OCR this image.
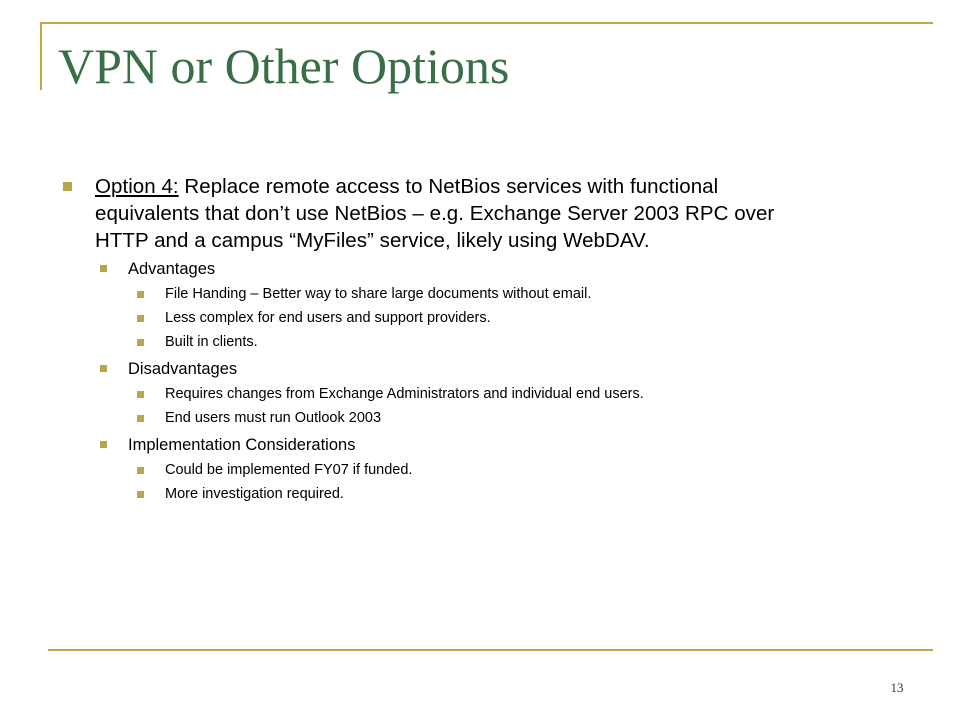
VPN or Other Options
Option 4: Replace remote access to NetBios services with functional equivalents that don’t use NetBios – e.g. Exchange Server 2003 RPC over HTTP and a campus “MyFiles” service, likely using WebDAV.
Advantages
File Handing – Better way to share large documents without email.
Less complex for end users and support providers.
Built in clients.
Disadvantages
Requires changes from Exchange Administrators and individual end users.
End users must run Outlook 2003
Implementation Considerations
Could be implemented FY07 if funded.
More investigation required.
13
